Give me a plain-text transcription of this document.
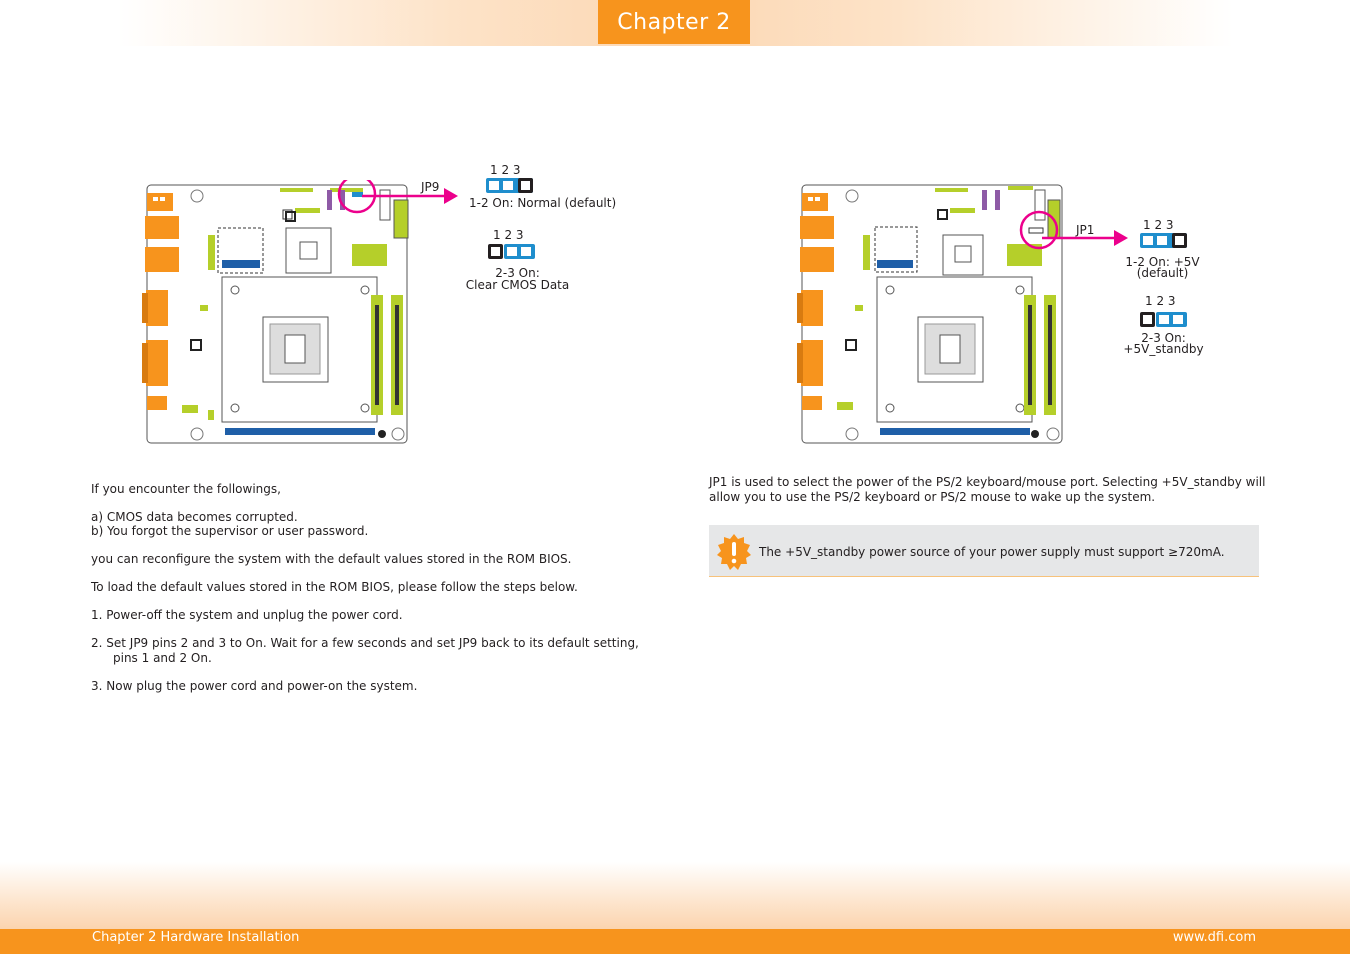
Chapter 2
JP9
1 2 3
1-2 On: Normal (default)
1 2 3
2-3 On:
Clear CMOS Data
JP1	1 2 3
1-2 On: +5V
(default)
1 2 3
2-3 On:
+5V_standby
If you encounter the followings,
a) CMOS data becomes corrupted.
b) You forgot the supervisor or user password.
you can reconfigure the system with the default values stored in the ROM BIOS.
To load the default values stored in the ROM BIOS, please follow the steps below.
1. Power-off the system and unplug the power cord.
2. Set JP9 pins 2 and 3 to On. Wait for a few seconds and set JP9 back to its default setting,
pins 1 and 2 On.
3. Now plug the power cord and power-on the system.
JP1 is used to select the power of the PS/2 keyboard/mouse port. Selecting +5V_standby will
allow you to use the PS/2 keyboard or PS/2 mouse to wake up the system.
The +5V_standby power source of your power supply must support ≥720mA.
Chapter 2 Hardware Installation	www.dfi.com
